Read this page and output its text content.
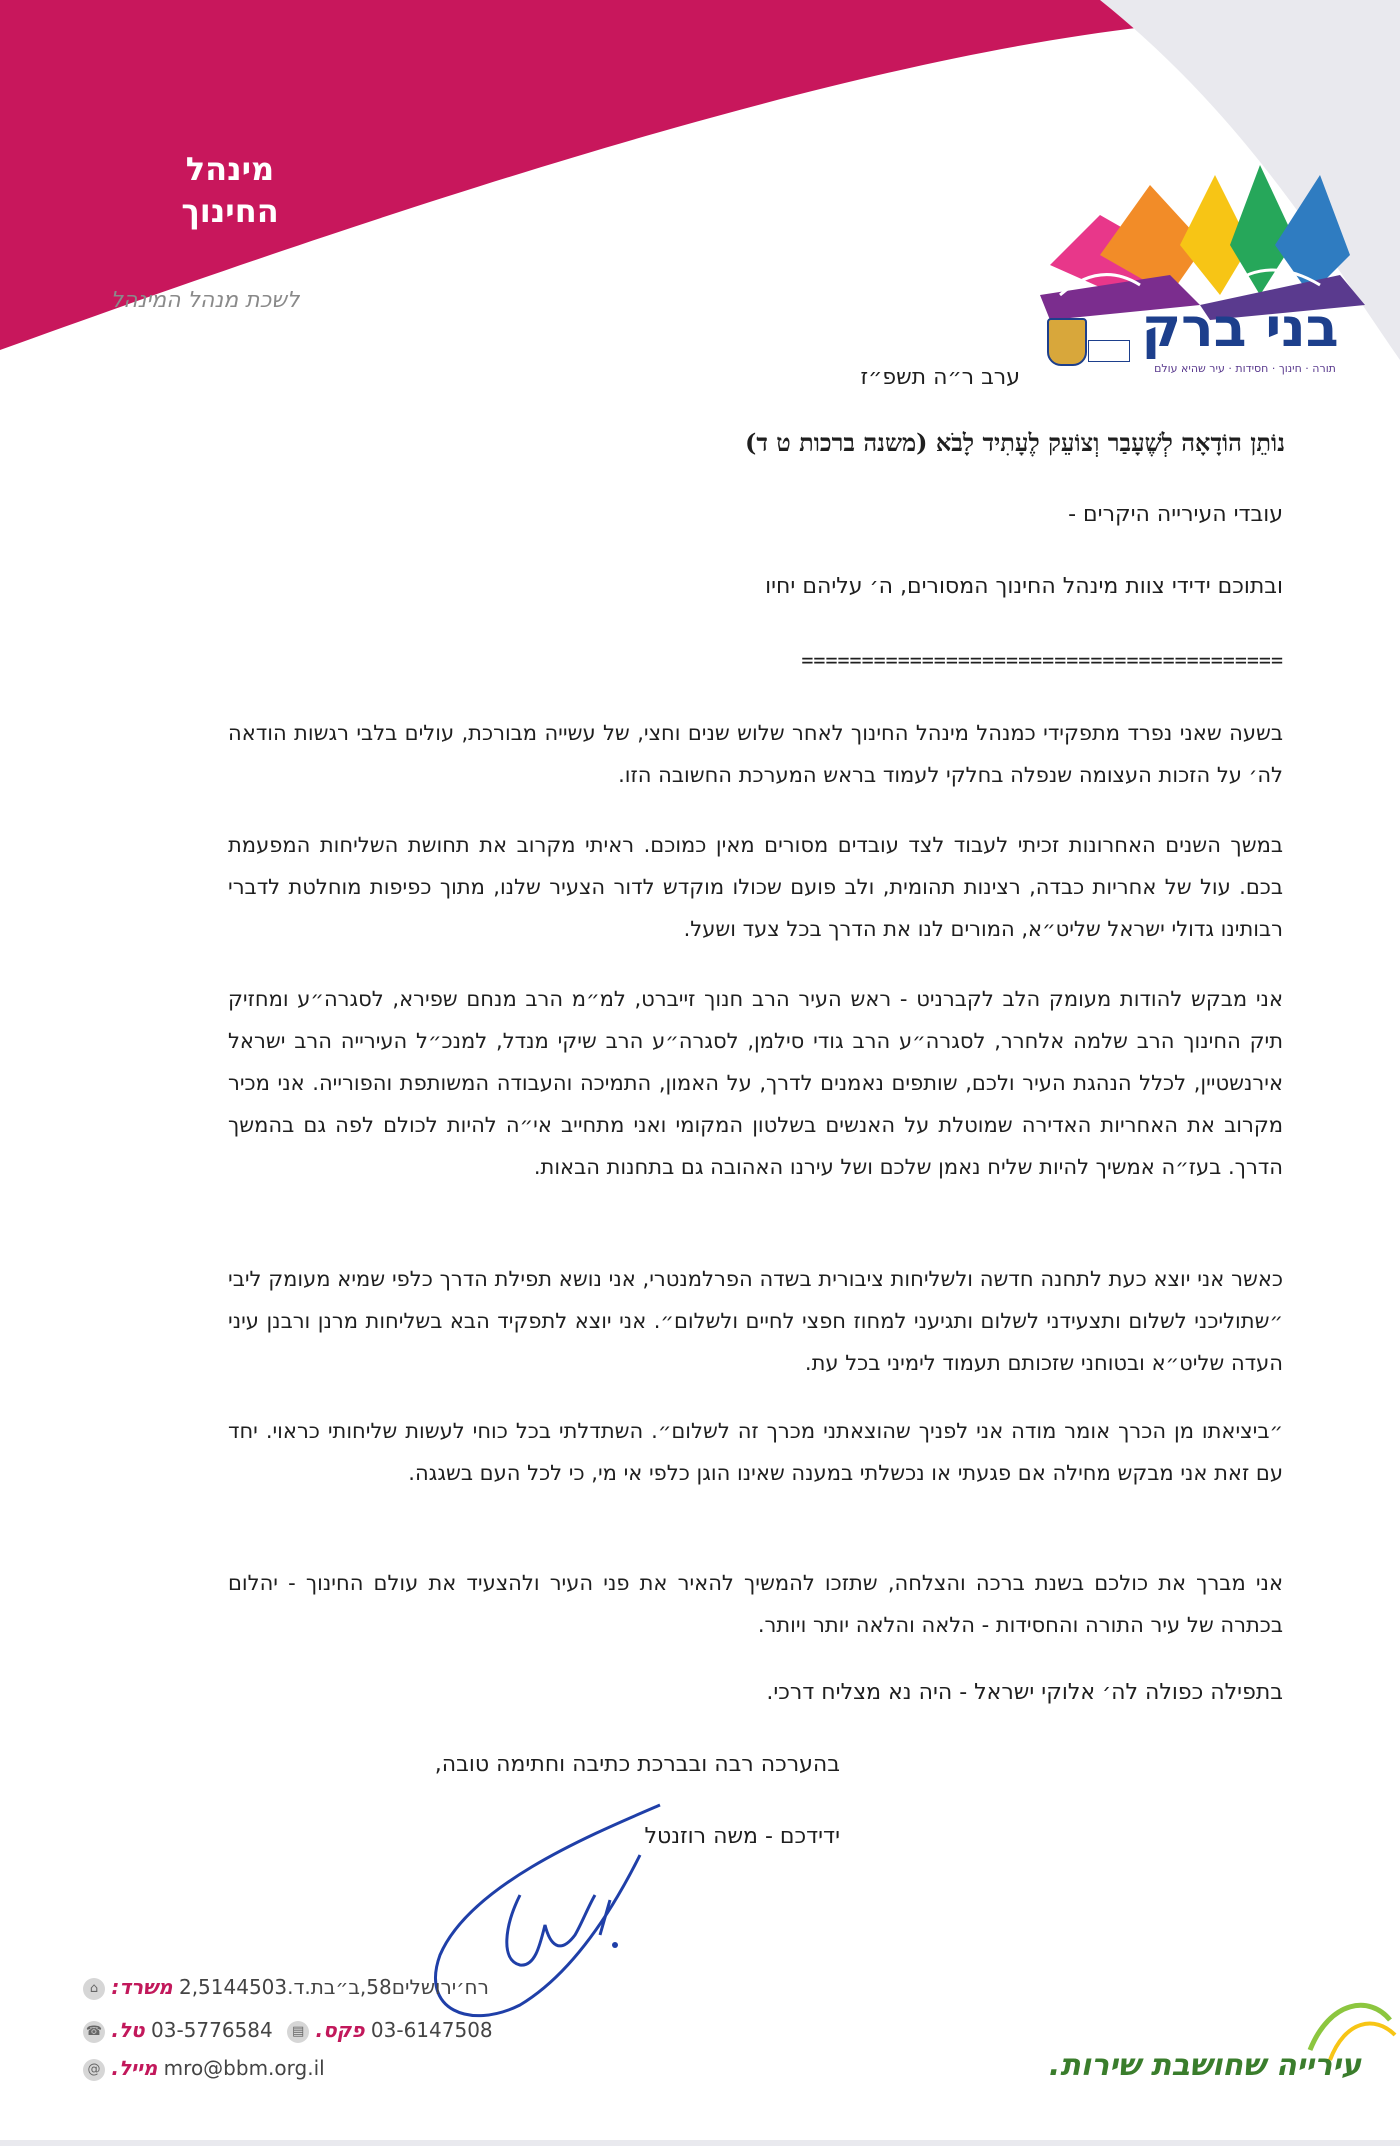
מינהל
החינוך
לשכת מנהל המינהל	בני ברק
תורה · חינוך · חסידות · עיר שהיא עולם
ערב ר״ה תשפ״ז
נוֹתֵן הוֹדָאָה לְשֶׁעָבַר וְצוֹעֵק לֶעָתִיד לָבֹא (משנה ברכות ט ד)
עובדי העירייה היקרים -
ובתוכם ידידי צוות מינהל החינוך המסורים, ה׳ עליהם יחיו
========================================
בשעה שאני נפרד מתפקידי כמנהל מינהל החינוך לאחר שלוש שנים וחצי, של עשייה מבורכת, עולים בלבי רגשות הודאה לה׳ על הזכות העצומה שנפלה בחלקי לעמוד בראש המערכת החשובה הזו.
במשך השנים האחרונות זכיתי לעבוד לצד עובדים מסורים מאין כמוכם. ראיתי מקרוב את תחושת השליחות המפעמת בכם. עול של אחריות כבדה, רצינות תהומית, ולב פועם שכולו מוקדש לדור הצעיר שלנו, מתוך כפיפות מוחלטת לדברי רבותינו גדולי ישראל שליט״א, המורים לנו את הדרך בכל צעד ושעל.
אני מבקש להודות מעומק הלב לקברניט - ראש העיר הרב חנוך זייברט, למ״מ הרב מנחם שפירא, לסגרה״ע ומחזיק תיק החינוך הרב שלמה אלחרר, לסגרה״ע הרב גודי סילמן, לסגרה״ע הרב שיקי מנדל, למנכ״ל העירייה הרב ישראל אירנשטיין, לכלל הנהגת העיר ולכם, שותפים נאמנים לדרך, על האמון, התמיכה והעבודה המשותפת והפורייה. אני מכיר מקרוב את האחריות האדירה שמוטלת על האנשים בשלטון המקומי ואני מתחייב אי״ה להיות לכולם לפה גם בהמשך הדרך. בעז״ה אמשיך להיות שליח נאמן שלכם ושל עירנו האהובה גם בתחנות הבאות.
כאשר אני יוצא כעת לתחנה חדשה ולשליחות ציבורית בשדה הפרלמנטרי, אני נושא תפילת הדרך כלפי שמיא מעומק ליבי ״שתוליכני לשלום ותצעידני לשלום ותגיעני למחוז חפצי לחיים ולשלום״. אני יוצא לתפקיד הבא בשליחות מרנן ורבנן עיני העדה שליט״א ובטוחני שזכותם תעמוד לימיני בכל עת.
״ביציאתו מן הכרך אומר מודה אני לפניך שהוצאתני מכרך זה לשלום״. השתדלתי בכל כוחי לעשות שליחותי כראוי. יחד עם זאת אני מבקש מחילה אם פגעתי או נכשלתי במענה שאינו הוגן כלפי אי מי, כי לכל העם בשגגה.
אני מברך את כולכם בשנת ברכה והצלחה, שתזכו להמשיך להאיר את פני העיר ולהצעיד את עולם החינוך - יהלום בכתרה של עיר התורה והחסידות - הלאה והלאה יותר ויותר.
בתפילה כפולה לה׳ אלוקי ישראל - היה נא מצליח דרכי.
בהערכה רבה ובברכת כתיבה וחתימה טובה,
ידידכם - משה רוזנטל
רח׳ירושלים58,ב״בת.ד.2,5144503 משרד: ⌂
03-6147508 פקס. ▤ 03-5776584 טל. ☎
mro@bbm.org.il מייל. @	עירייה שחושבת שירות.
